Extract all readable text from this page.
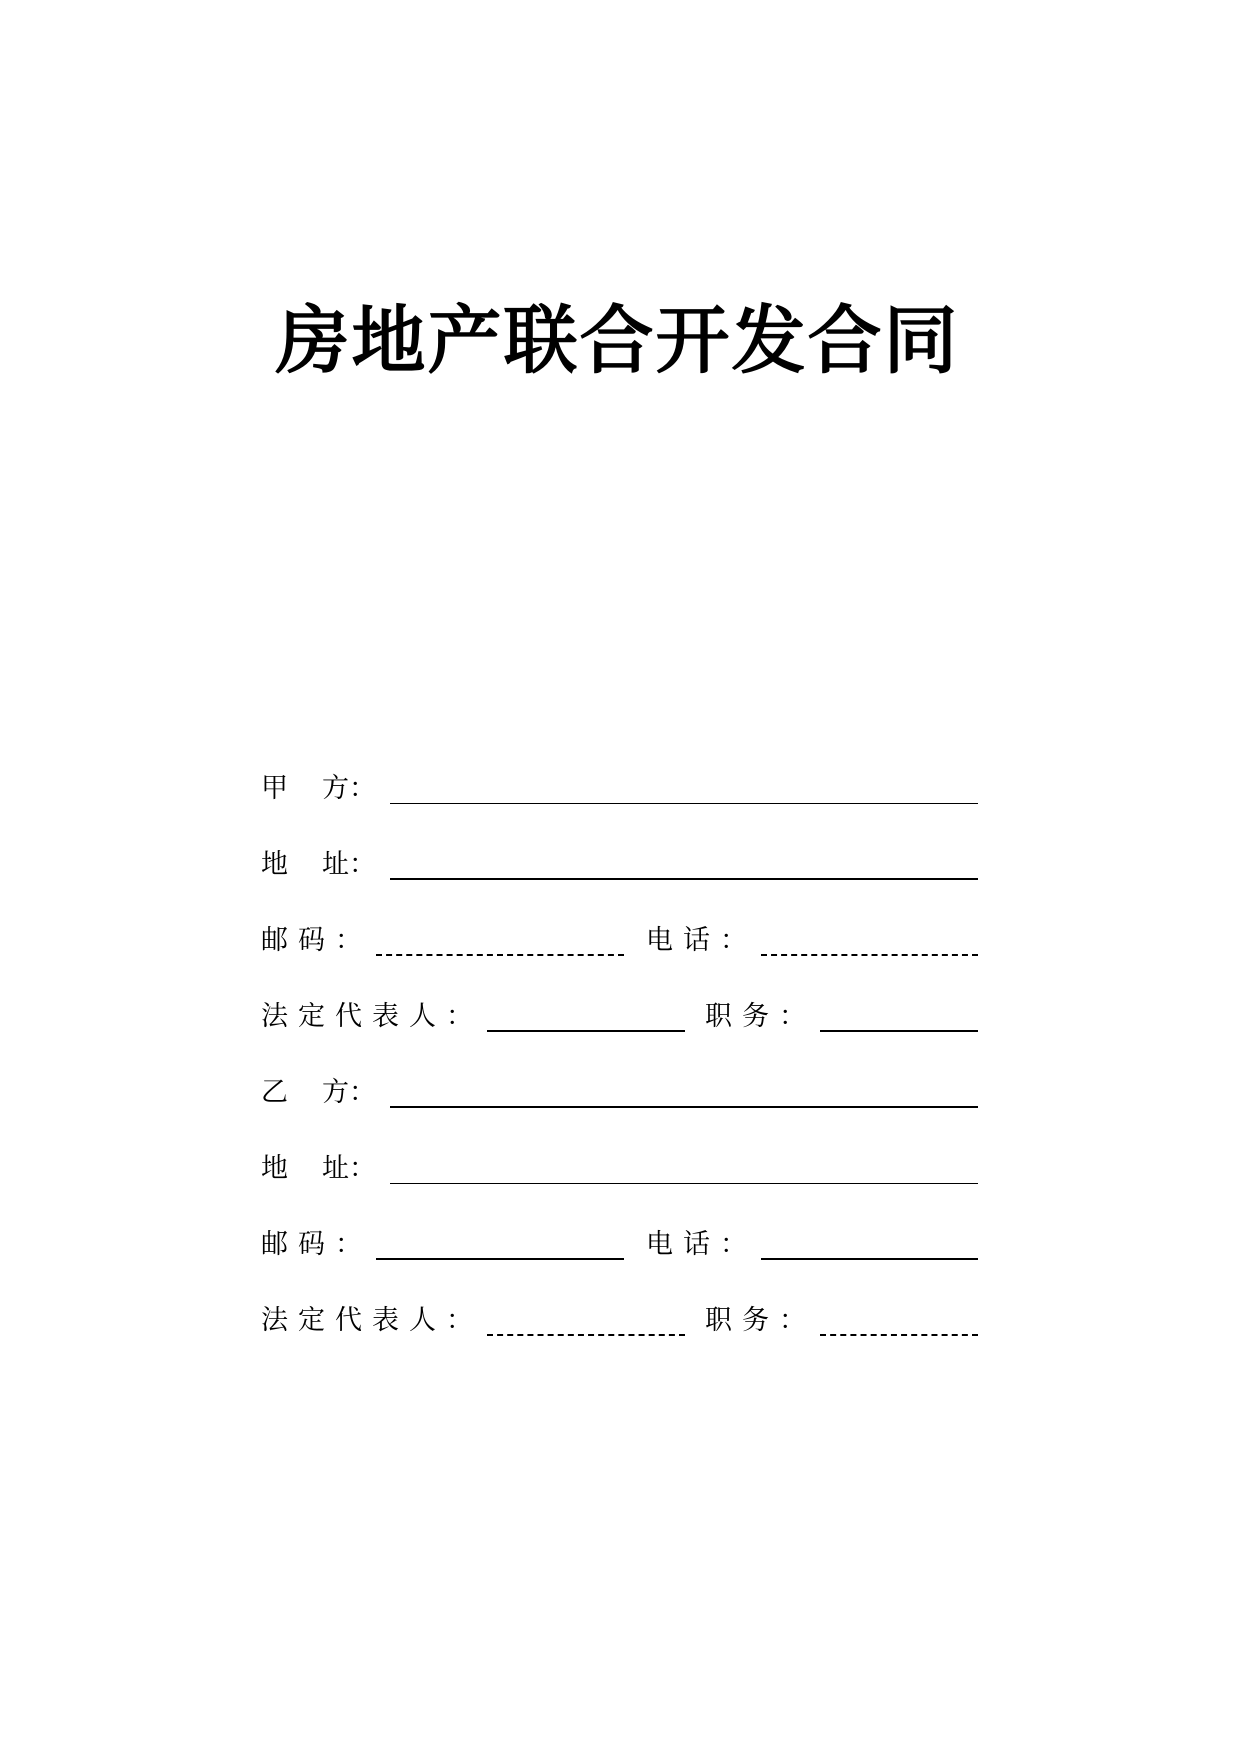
房地产联合开发合同
甲 方 ：
地 址 ：
邮码 ：	电话 ：
法定代表人 ：	职务 ：
乙 方 ：
地 址 ：
邮码 ：	电话 ：
法定代表人 ：	职务 ：
